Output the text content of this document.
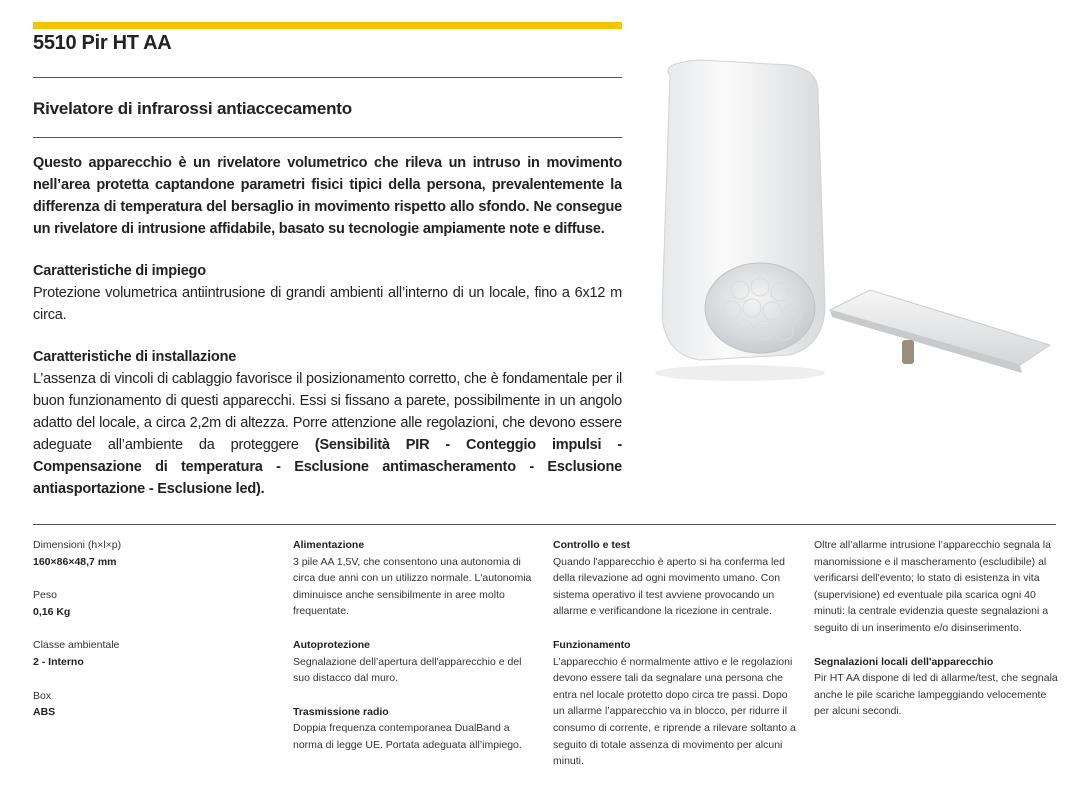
5510 Pir HT AA
Rivelatore di infrarossi antiaccecamento

Questo apparecchio è un rivelatore volumetrico che rileva un intruso in movimento nell’area protetta captandone parametri fisici tipici della persona, prevalentemente la differenza di temperatura del bersaglio in movimento rispetto allo sfondo. Ne consegue un rivelatore di intrusione affidabile, basato su tecnologie ampiamente note e diffuse.

Caratteristiche di impiego
Protezione volumetrica antiintrusione di grandi ambienti all’interno di un locale, fino a 6x12 m circa.

Caratteristiche di installazione
L’assenza di vincoli di cablaggio favorisce il posizionamento corretto, che è fondamentale per il buon funzionamento di questi apparecchi. Essi si fissano a parete, possibilmente in un angolo adatto del locale, a circa 2,2m di altezza. Porre attenzione alle regolazioni, che devono essere adeguate all’ambiente da proteggere (Sensibilità PIR - Conteggio impulsi - Compensazione di temperatura - Esclusione antimascheramento - Esclusione antiasportazione - Esclusione led).

Dimensioni (h×l×p)
160×86×48,7 mm
Peso
0,16 Kg
Classe ambientale
2 - Interno
Box
ABS
Alimentazione
3 pile AA 1,5V, che consentono una autonomia di circa due anni con un utilizzo normale. L'autonomia diminuisce anche sensibilmente in aree molto frequentate.
Autoprotezione
Segnalazione dell’apertura dell'apparecchio e del suo distacco dal muro.
Trasmissione radio
Doppia frequenza contemporanea DualBand a norma di legge UE. Portata adeguata all’impiego.
Controllo e test
Quando l'apparecchio è aperto si ha conferma led della rilevazione ad ogni movimento umano. Con sistema operativo il test avviene provocando un allarme e verificandone la ricezione in centrale.
Funzionamento
L’apparecchio é normalmente attivo e le regolazioni devono essere tali da segnalare una persona che entra nel locale protetto dopo circa tre passi. Dopo un allarme l’apparecchio va in blocco, per ridurre il consumo di corrente, e riprende a rilevare soltanto a seguito di totale assenza di movimento per alcuni minuti.
Oltre all’allarme intrusione l’apparecchio segnala la manomissione e il mascheramento (escludibile) al verificarsi dell'evento; lo stato di esistenza in vita (supervisione) ed eventuale pila scarica ogni 40 minuti: la centrale evidenzia queste segnalazioni a seguito di un inserimento e/o disinserimento.
Segnalazioni locali dell'apparecchio
Pir HT AA dispone di led di allarme/test, che segnala anche le pile scariche lampeggiando velocemente per alcuni secondi.
